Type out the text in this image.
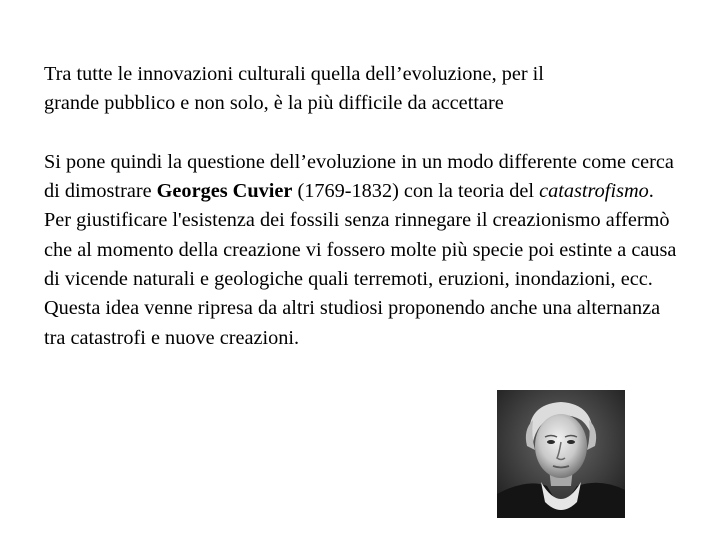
Tra tutte le innovazioni culturali quella dell’evoluzione, per il
grande pubblico e non solo, è la più difficile da accettare
Si pone quindi la questione dell’evoluzione in un modo differente come cerca di dimostrare Georges Cuvier (1769-1832) con la teoria del catastrofismo.
Per giustificare l'esistenza dei fossili senza rinnegare il creazionismo affermò che al momento della creazione vi fossero molte più specie poi estinte a causa di vicende naturali e geologiche quali terremoti, eruzioni, inondazioni, ecc.
Questa idea venne ripresa da altri studiosi proponendo anche una alternanza tra catastrofi e nuove creazioni.
